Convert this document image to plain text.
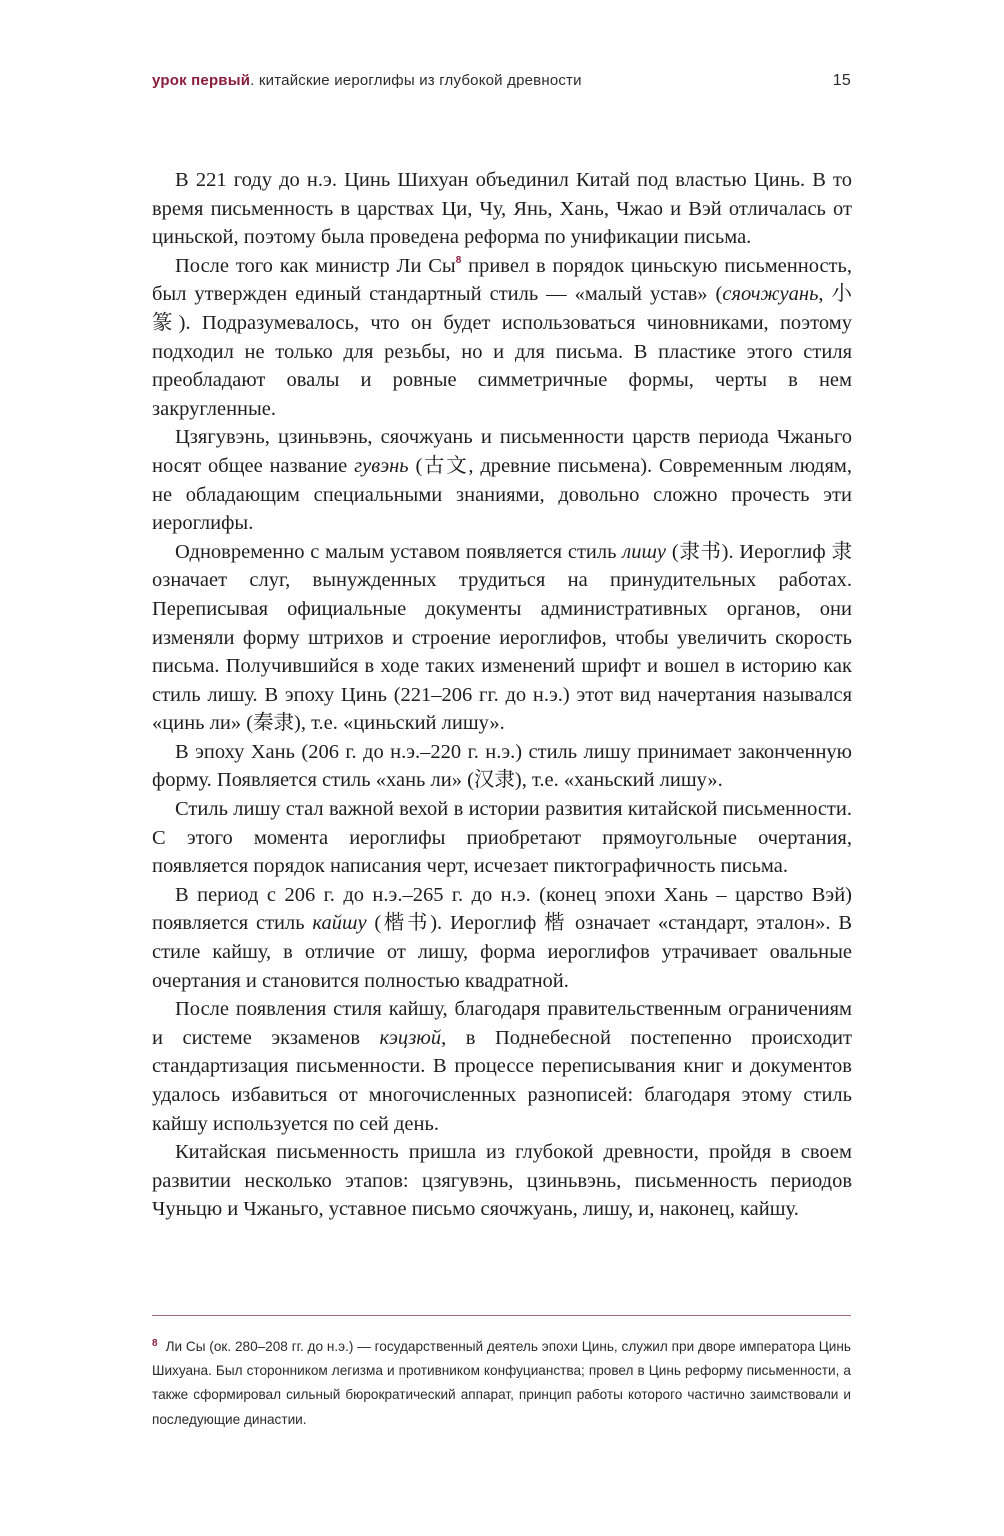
урок первый. китайские иероглифы из глубокой древности	15

В 221 году до н.э. Цинь Шихуан объединил Китай под властью Цинь. В то время письменность в царствах Ци, Чу, Янь, Хань, Чжао и Вэй отличалась от циньской, поэтому была проведена реформа по унификации письма.

После того как министр Ли Сы$^8$ привел в порядок циньскую письменность, был утвержден единый стандартный стиль — «малый устав» (сяочжуань, 小篆). Подразумевалось, что он будет использоваться чиновниками, поэтому подходил не только для резьбы, но и для письма. В пластике этого стиля преобладают овалы и ровные симметричные формы, черты в нем закругленные.

Цзягувэнь, цзиньвэнь, сяочжуань и письменности царств периода Чжаньго носят общее название гувэнь (古文, древние письмена). Современным людям, не обладающим специальными знаниями, довольно сложно прочесть эти иероглифы.

Одновременно с малым уставом появляется стиль лишу (隶书). Иероглиф 隶 означает слуг, вынужденных трудиться на принудительных работах. Переписывая официальные документы административных органов, они изменяли форму штрихов и строение иероглифов, чтобы увеличить скорость письма. Получившийся в ходе таких изменений шрифт и вошел в историю как стиль лишу. В эпоху Цинь (221–206 гг. до н.э.) этот вид начертания назывался «цинь ли» (秦隶), т.е. «циньский лишу».

В эпоху Хань (206 г. до н.э.–220 г. н.э.) стиль лишу принимает законченную форму. Появляется стиль «хань ли» (汉隶), т.е. «ханьский лишу».

Стиль лишу стал важной вехой в истории развития китайской письменности. С этого момента иероглифы приобретают прямоугольные очертания, появляется порядок написания черт, исчезает пиктографичность письма.

В период с 206 г. до н.э.–265 г. до н.э. (конец эпохи Хань – царство Вэй) появляется стиль кайшу (楷书). Иероглиф 楷 означает «стандарт, эталон». В стиле кайшу, в отличие от лишу, форма иероглифов утрачивает овальные очертания и становится полностью квадратной.

После появления стиля кайшу, благодаря правительственным ограничениям и системе экзаменов кэцзюй, в Поднебесной постепенно происходит стандартизация письменности. В процессе переписывания книг и документов удалось избавиться от многочисленных разнописей: благодаря этому стиль кайшу используется по сей день.

Китайская письменность пришла из глубокой древности, пройдя в своем развитии несколько этапов: цзягувэнь, цзиньвэнь, письменность периодов Чуньцю и Чжаньго, уставное письмо сяочжуань, лишу, и, наконец, кайшу.

$^8$ Ли Сы (ок. 280–208 гг. до н.э.) — государственный деятель эпохи Цинь, служил при дворе императора Цинь Шихуана. Был сторонником легизма и противником конфуцианства; провел в Цинь реформу письменности, а также сформировал сильный бюрократический аппарат, принцип работы которого частично заимствовали и последующие династии.
